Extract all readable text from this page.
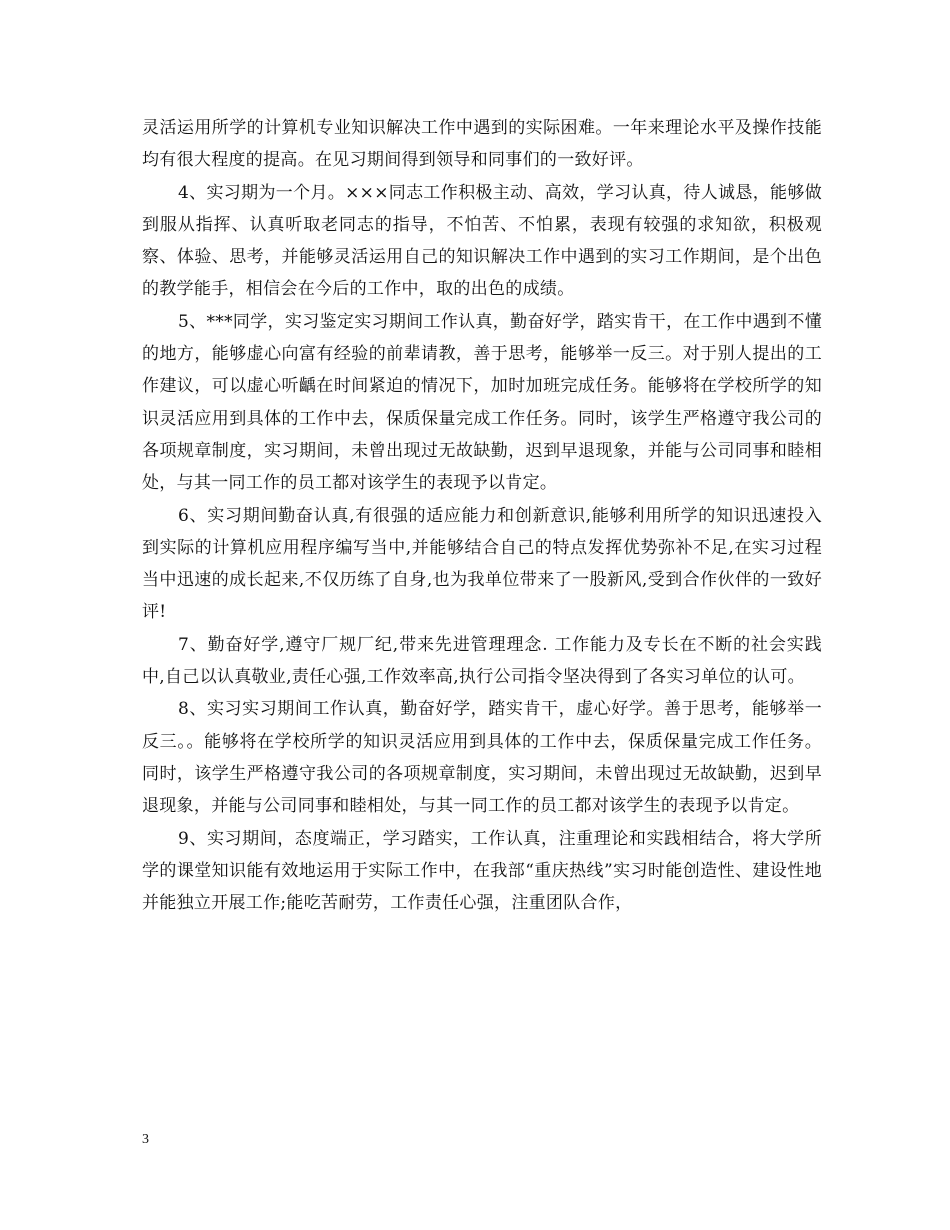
灵活运用所学的计算机专业知识解决工作中遇到的实际困难。一年来理论水平及操作技能均有很大程度的提高。在见习期间得到领导和同事们的一致好评。

4、实习期为一个月。×××同志工作积极主动、高效，学习认真，待人诚恳，能够做到服从指挥、认真听取老同志的指导，不怕苦、不怕累，表现有较强的求知欲，积极观察、体验、思考，并能够灵活运用自己的知识解决工作中遇到的实习工作期间，是个出色的教学能手，相信会在今后的工作中，取的出色的成绩。

5、***同学，实习鉴定实习期间工作认真，勤奋好学，踏实肯干，在工作中遇到不懂的地方，能够虚心向富有经验的前辈请教，善于思考，能够举一反三。对于别人提出的工作建议，可以虚心听齲在时间紧迫的情况下，加时加班完成任务。能够将在学校所学的知识灵活应用到具体的工作中去，保质保量完成工作任务。同时，该学生严格遵守我公司的各项规章制度，实习期间，未曾出现过无故缺勤，迟到早退现象，并能与公司同事和睦相处，与其一同工作的员工都对该学生的表现予以肯定。

6、实习期间勤奋认真,有很强的适应能力和创新意识,能够利用所学的知识迅速投入到实际的计算机应用程序编写当中,并能够结合自己的特点发挥优势弥补不足,在实习过程当中迅速的成长起来,不仅历练了自身,也为我单位带来了一股新风,受到合作伙伴的一致好评!

7、勤奋好学,遵守厂规厂纪,带来先进管理理念. 工作能力及专长在不断的社会实践中,自己以认真敬业,责任心强,工作效率高,执行公司指令坚决得到了各实习单位的认可。

8、实习实习期间工作认真，勤奋好学，踏实肯干，虚心好学。善于思考，能够举一反三。。能够将在学校所学的知识灵活应用到具体的工作中去，保质保量完成工作任务。同时，该学生严格遵守我公司的各项规章制度，实习期间，未曾出现过无故缺勤，迟到早退现象，并能与公司同事和睦相处，与其一同工作的员工都对该学生的表现予以肯定。

9、实习期间，态度端正，学习踏实，工作认真，注重理论和实践相结合，将大学所学的课堂知识能有效地运用于实际工作中，在我部“重庆热线”实习时能创造性、建设性地并能独立开展工作;能吃苦耐劳，工作责任心强，注重团队合作，

3
